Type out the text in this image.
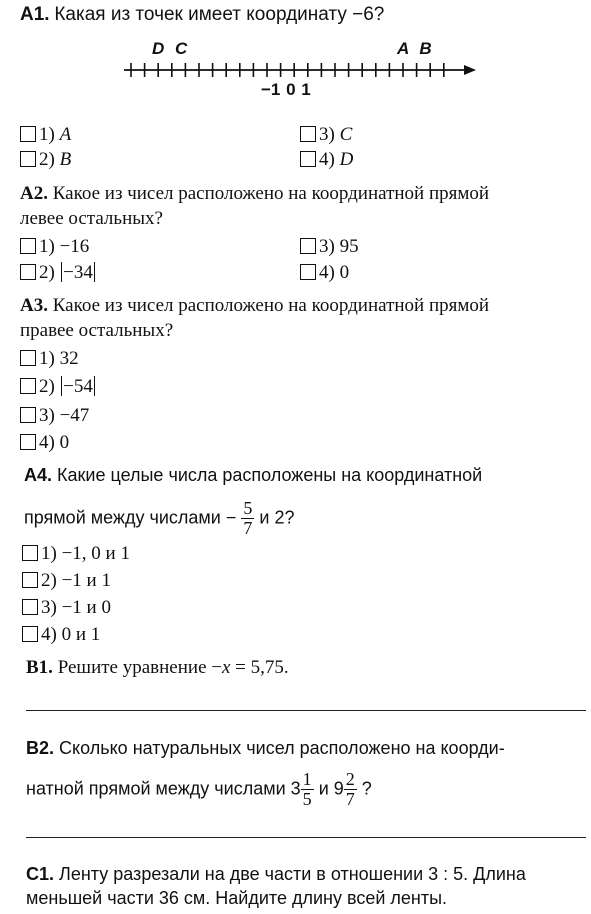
A1. Какая из точек имеет координату −6?
D C	A B
−1 0 1
1) A	3) C
2) B	4) D
A2. Какое из чисел расположено на координатной прямой
левее остальных?
1) −16	3) 95
2) −34	4) 0
A3. Какое из чисел расположено на координатной прямой
правее остальных?
1) 32
2) −54
3) −47
4) 0
A4. Какие целые числа расположены на координатной
прямой между числами − $\frac{5}{7}$ и 2?
1) −1, 0 и 1
2) −1 и 1
3) −1 и 0
4) 0 и 1
B1. Решите уравнение −x = 5,75.
B2. Сколько натуральных чисел расположено на коорди-
натной прямой между числами $3 \frac{1}{5}$ и $9 \frac{2}{7}$ ?
C1. Ленту разрезали на две части в отношении 3 : 5. Длина
меньшей части 36 см. Найдите длину всей ленты.
